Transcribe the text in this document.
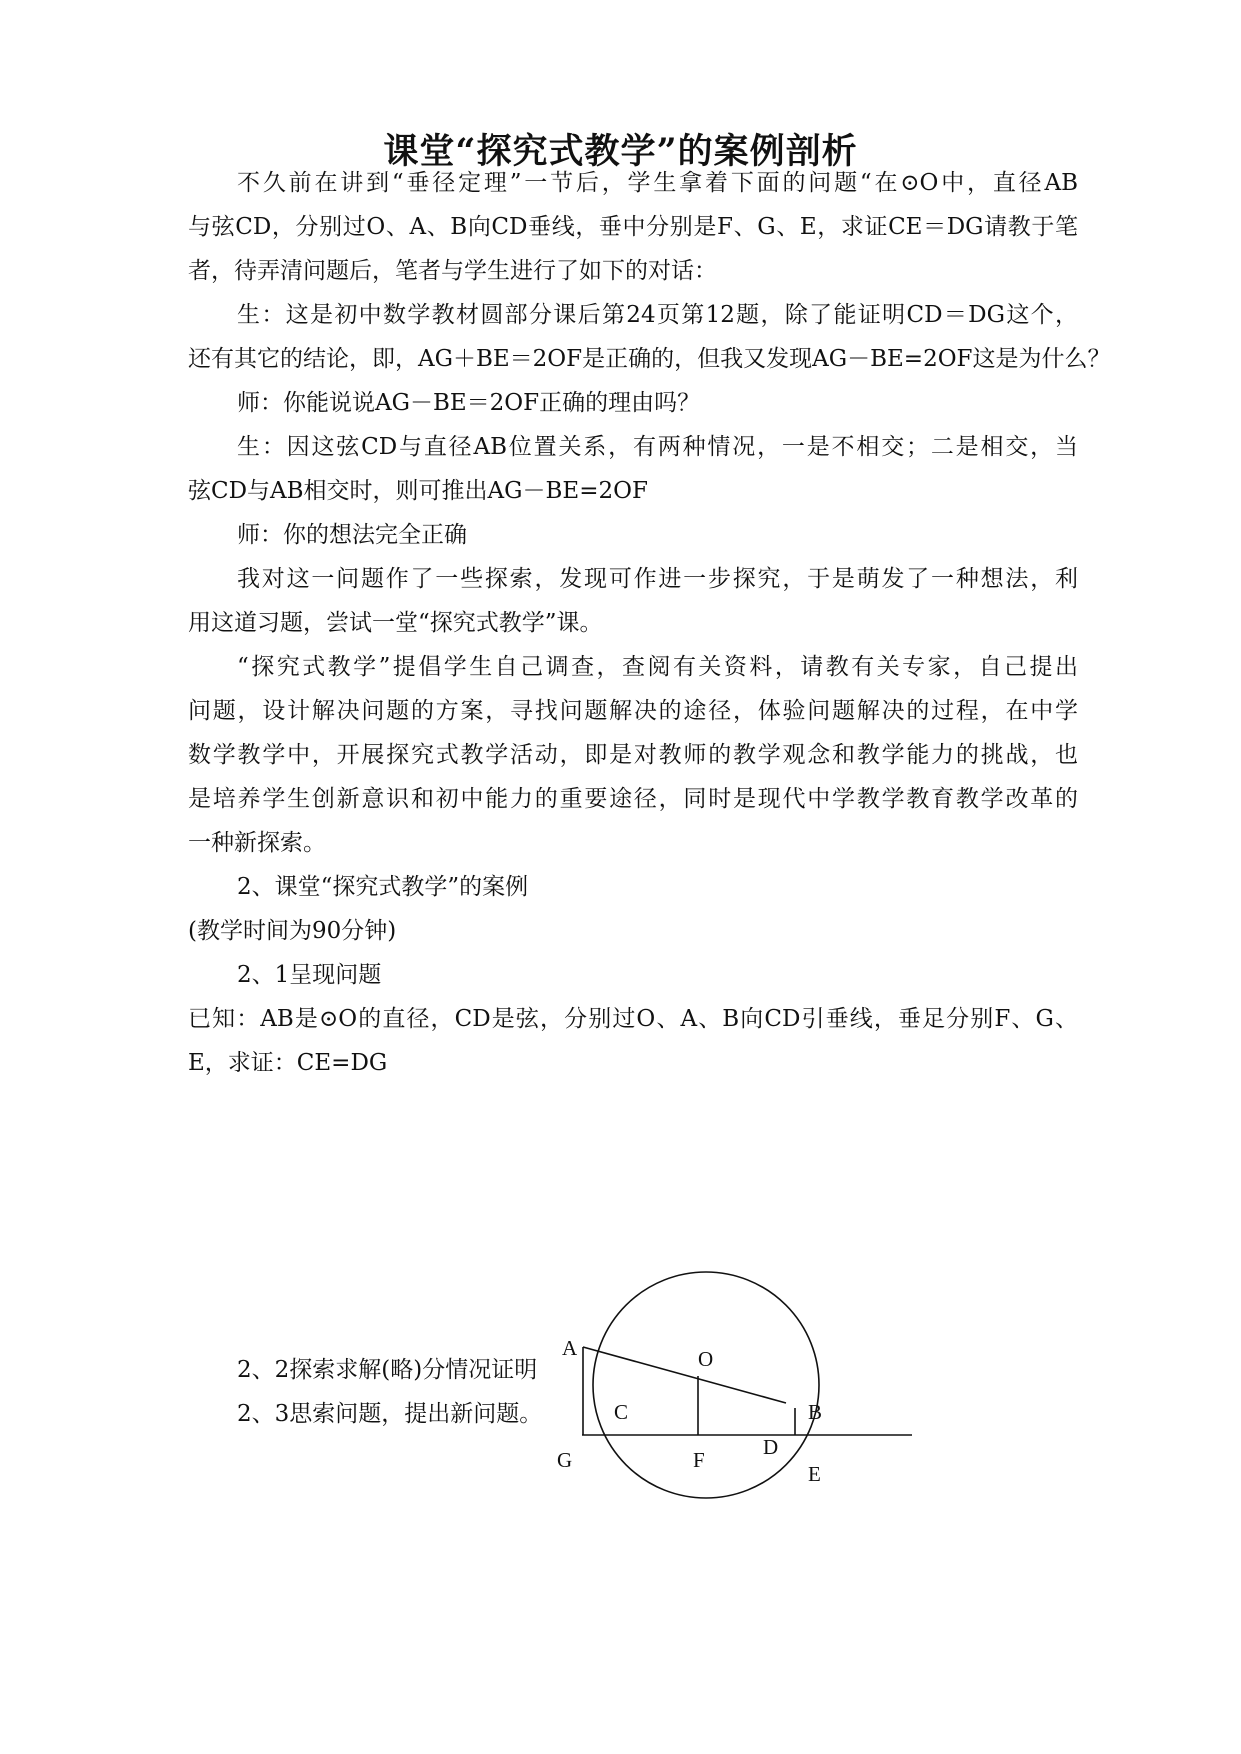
课堂“探究式教学”的案例剖析
不久前在讲到“垂径定理”一节后，学生拿着下面的问题“在⊙O中，直径AB
与弦CD，分别过O、A、B向CD垂线，垂中分别是F、G、E，求证CE＝DG请教于笔
者，待弄清问题后，笔者与学生进行了如下的对话：
生：这是初中数学教材圆部分课后第24页第12题，除了能证明CD＝DG这个，
还有其它的结论，即，AG＋BE＝2OF是正确的，但我又发现AG－BE=2OF这是为什么？
师：你能说说AG－BE＝2OF正确的理由吗？
生：因这弦CD与直径AB位置关系，有两种情况，一是不相交；二是相交，当
弦CD与AB相交时，则可推出AG－BE=2OF
师：你的想法完全正确
我对这一问题作了一些探索，发现可作进一步探究，于是萌发了一种想法，利
用这道习题，尝试一堂“探究式教学”课。
“探究式教学”提倡学生自己调查，查阅有关资料，请教有关专家，自己提出
问题，设计解决问题的方案，寻找问题解决的途径，体验问题解决的过程，在中学
数学教学中，开展探究式教学活动，即是对教师的教学观念和教学能力的挑战，也
是培养学生创新意识和初中能力的重要途径，同时是现代中学教学教育教学改革的
一种新探索。
2、课堂“探究式教学”的案例
(教学时间为90分钟)
2、1呈现问题
已知：AB是⊙O的直径，CD是弦，分别过O、A、B向CD引垂线，垂足分别F、G、
E，求证：CE=DG
A	O
C	B
G	F
D
E
2、2探索求解(略)分情况证明
2、3思索问题，提出新问题。
